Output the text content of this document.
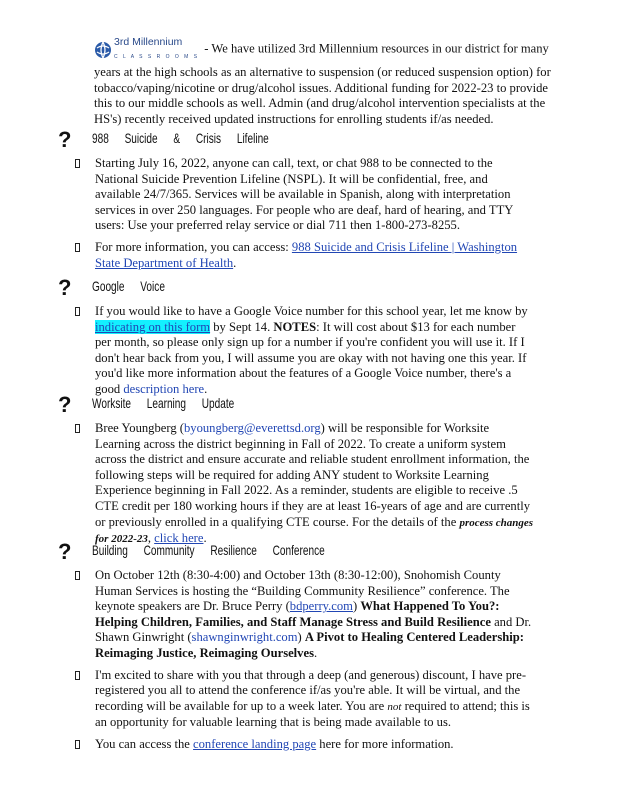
3rd Millennium
C L A S S R O O M S
- We have utilized 3rd Millennium resources in our district for many years at the high schools as an alternative to suspension (or reduced suspension option) for tobacco/vaping/nicotine or drug/alcohol issues. Additional funding for 2022-23 to provide this to our middle schools as well. Admin (and drug/alcohol intervention specialists at the HS's) recently received updated instructions for enrolling students if/as needed.
? 988 Suicide & Crisis Lifeline
Starting July 16, 2022, anyone can call, text, or chat 988 to be connected to the National Suicide Prevention Lifeline (NSPL). It will be confidential, free, and available 24/7/365. Services will be available in Spanish, along with interpretation services in over 250 languages. For people who are deaf, hard of hearing, and TTY users: Use your preferred relay service or dial 711 then 1-800-273-8255.
For more information, you can access: 988 Suicide and Crisis Lifeline | Washington State Department of Health.
? Google Voice
If you would like to have a Google Voice number for this school year, let me know by indicating on this form by Sept 14. NOTES: It will cost about $13 for each number per month, so please only sign up for a number if you're confident you will use it. If I don't hear back from you, I will assume you are okay with not having one this year. If you'd like more information about the features of a Google Voice number, there's a good description here.
? Worksite Learning Update
Bree Youngberg (byoungberg@everettsd.org) will be responsible for Worksite Learning across the district beginning in Fall of 2022. To create a uniform system across the district and ensure accurate and reliable student enrollment information, the following steps will be required for adding ANY student to Worksite Learning Experience beginning in Fall 2022. As a reminder, students are eligible to receive .5 CTE credit per 180 working hours if they are at least 16-years of age and are currently or previously enrolled in a qualifying CTE course. For the details of the process changes for 2022-23, click here.
? Building Community Resilience Conference
On October 12th (8:30-4:00) and October 13th (8:30-12:00), Snohomish County Human Services is hosting the “Building Community Resilience” conference. The keynote speakers are Dr. Bruce Perry (bdperry.com) What Happened To You?: Helping Children, Families, and Staff Manage Stress and Build Resilience and Dr. Shawn Ginwright (shawnginwright.com) A Pivot to Healing Centered Leadership: Reimaging Justice, Reimaging Ourselves.
I'm excited to share with you that through a deep (and generous) discount, I have pre-registered you all to attend the conference if/as you're able. It will be virtual, and the recording will be available for up to a week later. You are not required to attend; this is an opportunity for valuable learning that is being made available to us.
You can access the conference landing page here for more information.
